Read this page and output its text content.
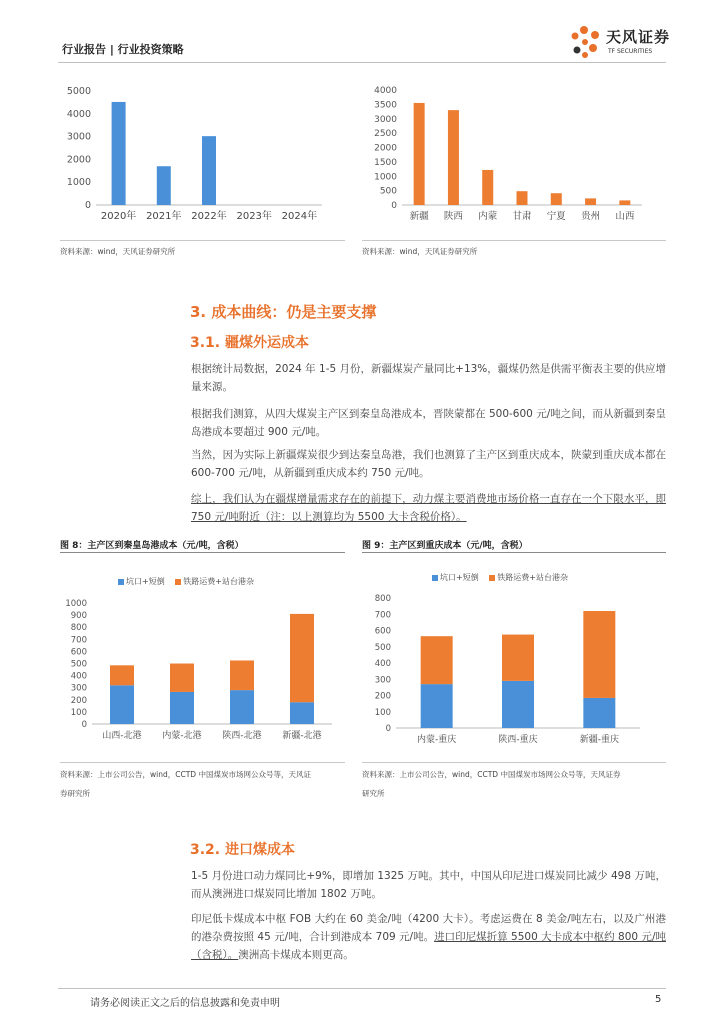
行业报告 | 行业投资策略
天风证券
TF SECURITIES
0
1000
2000
3000
4000
5000
2020年 2021年 2022年 2023年 2024年
资料来源：wind，天风证券研究所
0
500
1000
1500
2000
2500
3000
3500
4000
新疆 陕西 内蒙 甘肃 宁夏 贵州 山西
资料来源：wind，天风证券研究所
3. 成本曲线：仍是主要支撑
3.1. 疆煤外运成本
根据统计局数据，2024 年 1-5 月份，新疆煤炭产量同比+13%，疆煤仍然是供需平衡表主要的供应增量来源。
根据我们测算，从四大煤炭主产区到秦皇岛港成本，晋陕蒙都在 500-600 元/吨之间，而从新疆到秦皇岛港成本要超过 900 元/吨。
当然，因为实际上新疆煤炭很少到达秦皇岛港，我们也测算了主产区到重庆成本，陕蒙到重庆成本都在 600-700 元/吨，从新疆到重庆成本约 750 元/吨。
综上，我们认为在疆煤增量需求存在的前提下，动力煤主要消费地市场价格一直存在一个下限水平，即 750 元/吨附近（注：以上测算均为 5500 大卡含税价格）。
图 8：主产区到秦皇岛港成本（元/吨，含税）
坑口+短倒 铁路运费+站台港杂
0
100
200
300
400
500
600
700
800
900
1000
山西-北港 内蒙-北港 陕西-北港 新疆-北港
资料来源：上市公司公告，wind，CCTD 中国煤炭市场网公众号等，天风证
券研究所
图 9：主产区到重庆成本（元/吨，含税）
坑口+短倒 铁路运费+站台港杂
0
100
200
300
400
500
600
700
800
内蒙-重庆	陕西-重庆	新疆-重庆
资料来源：上市公司公告，wind，CCTD 中国煤炭市场网公众号等，天风证券
研究所
3.2. 进口煤成本
1-5 月份进口动力煤同比+9%，即增加 1325 万吨。其中，中国从印尼进口煤炭同比减少 498 万吨，而从澳洲进口煤炭同比增加 1802 万吨。
印尼低卡煤成本中枢 FOB 大约在 60 美金/吨（4200 大卡）。考虑运费在 8 美金/吨左右，以及广州港的港杂费按照 45 元/吨，合计到港成本 709 元/吨。进口印尼煤折算 5500 大卡成本中枢约 800 元/吨（含税）。澳洲高卡煤成本则更高。
请务必阅读正文之后的信息披露和免责申明	5
